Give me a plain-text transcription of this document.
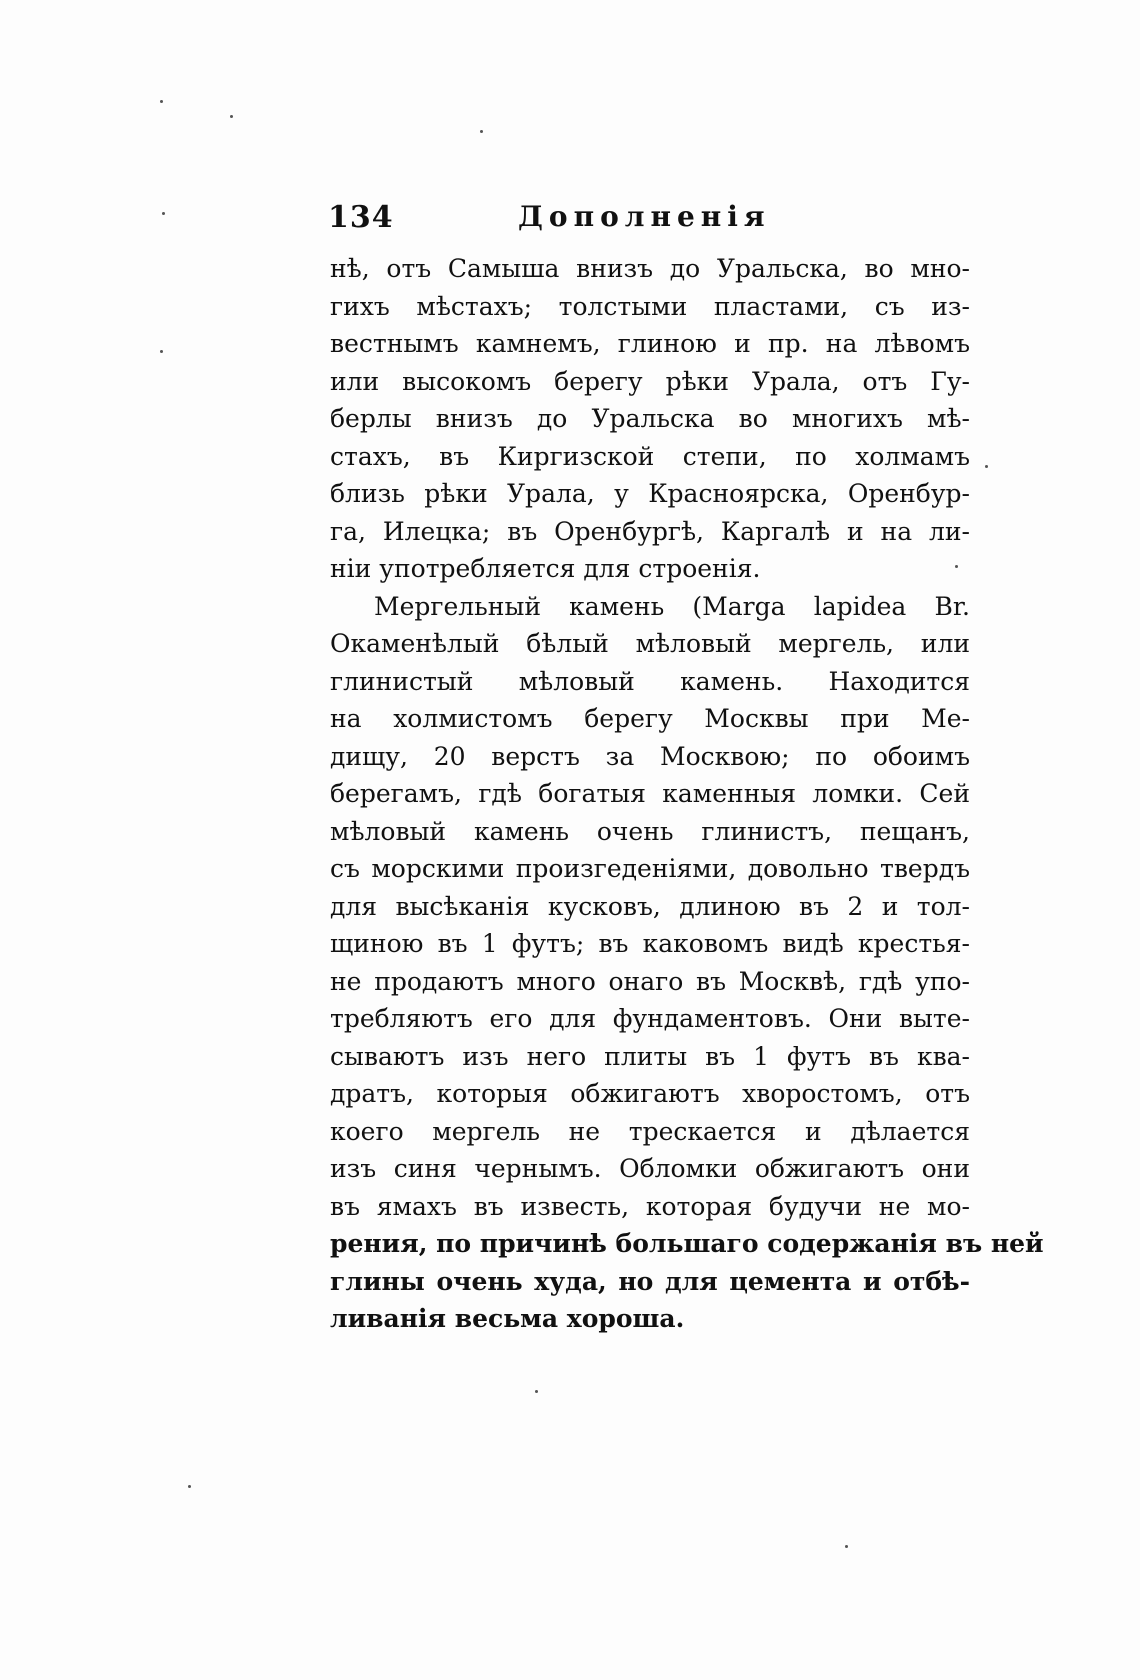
134	Дополненія
нѣ, отъ Самыша внизъ до Уральска, во мно-
гихъ мѣстахъ; толстыми пластами, съ из-
вестнымъ камнемъ, глиною и пр. на лѣвомъ
или высокомъ берегу рѣки Урала, отъ Гу-
берлы внизъ до Уральска во многихъ мѣ-
стахъ, въ Киргизской степи, по холмамъ
близь рѣки Урала, у Красноярска, Оренбур-
га, Илецка; въ Оренбургѣ, Каргалѣ и на ли-
ніи употребляется для строенія.
Мергельный камень (Marga lapidea Br.
Окаменѣлый бѣлый мѣловый мергель, или
глинистый мѣловый камень. Находится
на холмистомъ берегу Москвы при Ме-
дищу, 20 верстъ за Москвою; по обоимъ
берегамъ, гдѣ богатыя каменныя ломки. Сей
мѣловый камень очень глинистъ, пещанъ,
съ морскими произгеденіями, довольно твердъ
для высѣканія кусковъ, длиною въ 2 и тол-
щиною въ 1 футъ; въ каковомъ видѣ крестья-
не продаютъ много онаго въ Москвѣ, гдѣ упо-
требляютъ его для фундаментовъ. Они выте-
сываютъ изъ него плиты въ 1 футъ въ ква-
дратъ, которыя обжигаютъ хворостомъ, отъ
коего мергель не трескается и дѣлается
изъ синя чернымъ. Обломки обжигаютъ они
въ ямахъ въ известь, которая будучи не мо-
рения, по причинѣ большаго содержанія въ ней
глины очень худа, но для цемента и отбѣ-
ливанія весьма хороша.
